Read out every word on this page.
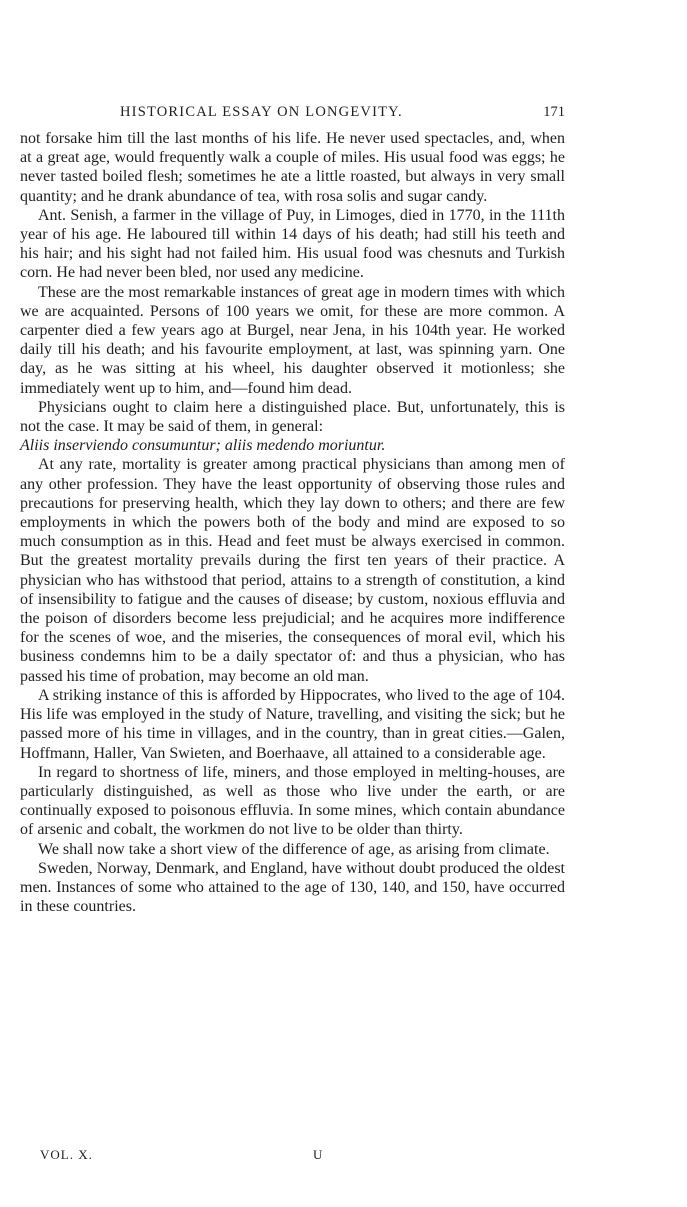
HISTORICAL ESSAY ON LONGEVITY.	171

not forsake him till the last months of his life. He never used spectacles, and, when at a great age, would frequently walk a couple of miles. His usual food was eggs; he never tasted boiled flesh; sometimes he ate a little roasted, but always in very small quantity; and he drank abundance of tea, with rosa solis and sugar candy.

Ant. Senish, a farmer in the village of Puy, in Limoges, died in 1770, in the 111th year of his age. He laboured till within 14 days of his death; had still his teeth and his hair; and his sight had not failed him. His usual food was chesnuts and Turkish corn. He had never been bled, nor used any medicine.

These are the most remarkable instances of great age in modern times with which we are acquainted. Persons of 100 years we omit, for these are more common. A carpenter died a few years ago at Burgel, near Jena, in his 104th year. He worked daily till his death; and his favourite employment, at last, was spinning yarn. One day, as he was sitting at his wheel, his daughter observed it motionless; she immediately went up to him, and—found him dead.

Physicians ought to claim here a distinguished place. But, unfortunately, this is not the case. It may be said of them, in general:

Aliis inserviendo consumuntur; aliis medendo moriuntur.

At any rate, mortality is greater among practical physicians than among men of any other profession. They have the least opportunity of observing those rules and precautions for preserving health, which they lay down to others; and there are few employments in which the powers both of the body and mind are exposed to so much consumption as in this. Head and feet must be always exercised in common. But the greatest mortality prevails during the first ten years of their practice. A physician who has withstood that period, attains to a strength of constitution, a kind of insensibility to fatigue and the causes of disease; by custom, noxious effluvia and the poison of disorders become less prejudicial; and he acquires more indifference for the scenes of woe, and the miseries, the consequences of moral evil, which his business condemns him to be a daily spectator of: and thus a physician, who has passed his time of probation, may become an old man.

A striking instance of this is afforded by Hippocrates, who lived to the age of 104. His life was employed in the study of Nature, travelling, and visiting the sick; but he passed more of his time in villages, and in the country, than in great cities.—Galen, Hoffmann, Haller, Van Swieten, and Boerhaave, all attained to a considerable age.

In regard to shortness of life, miners, and those employed in melting-houses, are particularly distinguished, as well as those who live under the earth, or are continually exposed to poisonous effluvia. In some mines, which contain abundance of arsenic and cobalt, the workmen do not live to be older than thirty.

We shall now take a short view of the difference of age, as arising from climate.

Sweden, Norway, Denmark, and England, have without doubt produced the oldest men. Instances of some who attained to the age of 130, 140, and 150, have occurred in these countries.

VOL. X.	U
